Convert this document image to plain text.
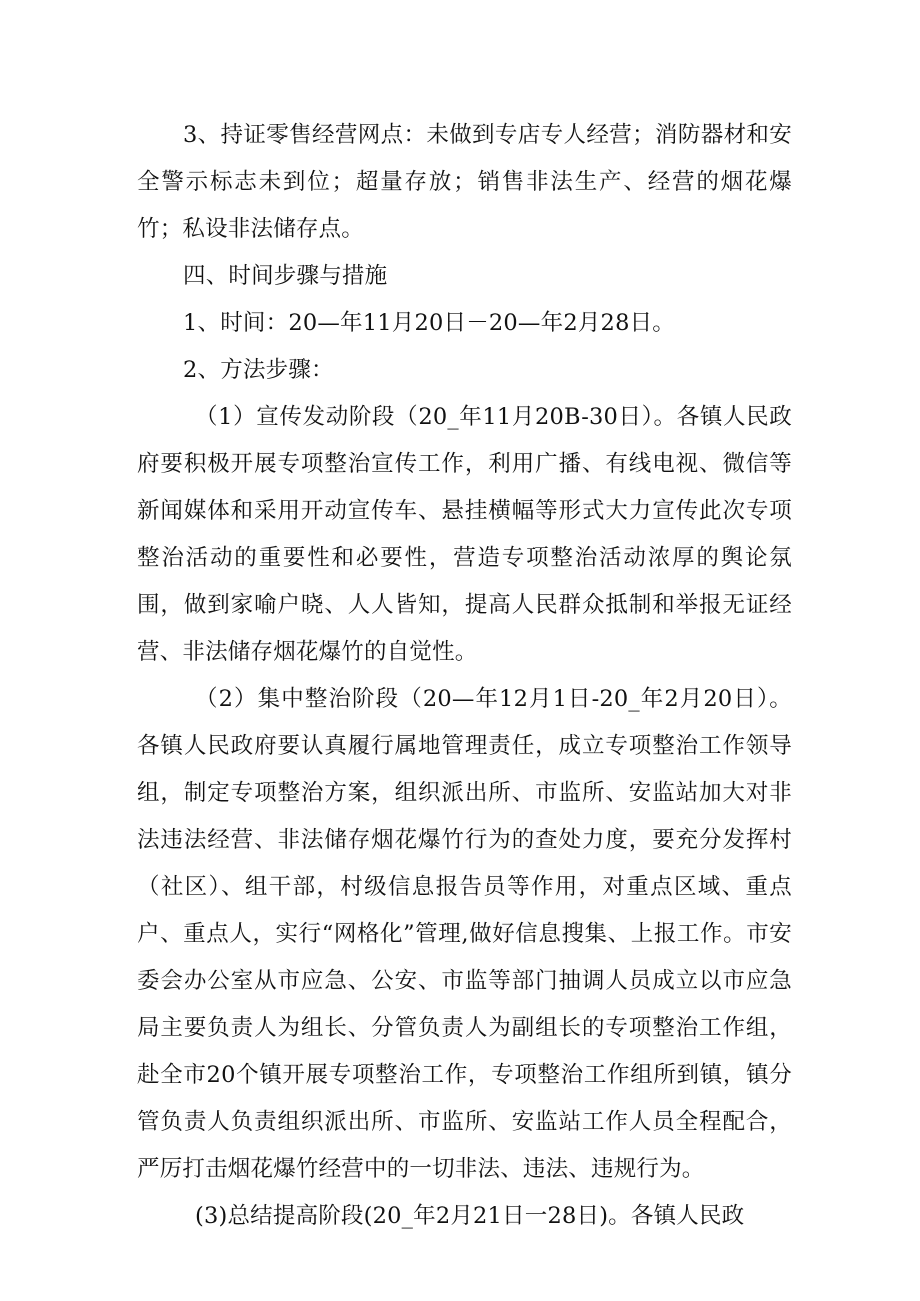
3、持证零售经营网点：未做到专店专人经营；消防器材和安全警示标志未到位；超量存放；销售非法生产、经营的烟花爆竹；私设非法储存点。

四、时间步骤与措施

1、时间：20—年11月20日－20—年2月28日。

2、方法步骤：

（1）宣传发动阶段（20_年11月20B-30日）。各镇人民政府要积极开展专项整治宣传工作，利用广播、有线电视、微信等新闻媒体和采用开动宣传车、悬挂横幅等形式大力宣传此次专项整治活动的重要性和必要性，营造专项整治活动浓厚的舆论氛围，做到家喻户晓、人人皆知，提高人民群众抵制和举报无证经营、非法储存烟花爆竹的自觉性。

（2）集中整治阶段（20—年12月1日-20_年2月20日）。各镇人民政府要认真履行属地管理责任，成立专项整治工作领导组，制定专项整治方案，组织派出所、市监所、安监站加大对非法违法经营、非法储存烟花爆竹行为的查处力度，要充分发挥村（社区）、组干部，村级信息报告员等作用，对重点区域、重点户、重点人，实行“网格化”管理,做好信息搜集、上报工作。市安委会办公室从市应急、公安、市监等部门抽调人员成立以市应急局主要负责人为组长、分管负责人为副组长的专项整治工作组，赴全市20个镇开展专项整治工作，专项整治工作组所到镇，镇分管负责人负责组织派出所、市监所、安监站工作人员全程配合，严厉打击烟花爆竹经营中的一切非法、违法、违规行为。

(3)总结提高阶段(20_年2月21日一28日)。各镇人民政
